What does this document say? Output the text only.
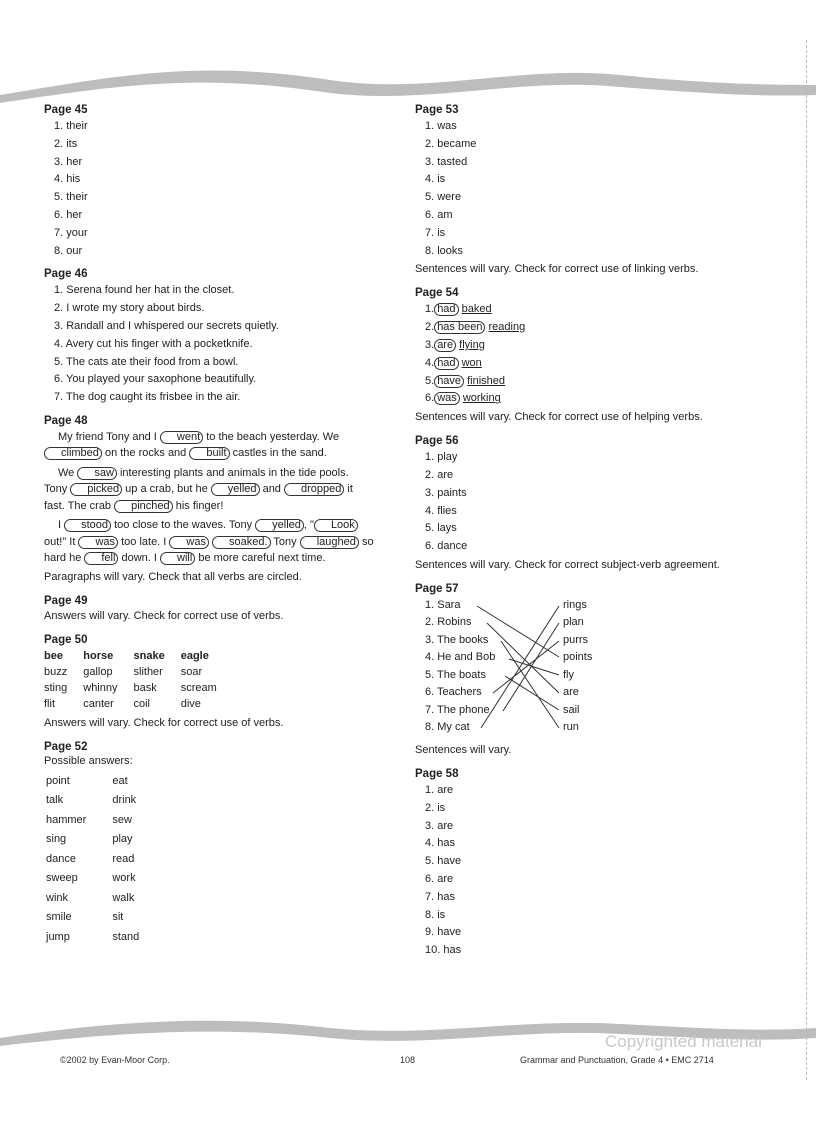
Page 45
1. their
2. its
3. her
4. his
5. their
6. her
7. your
8. our
Page 46
1. Serena found her hat in the closet.
2. I wrote my story about birds.
3. Randall and I whispered our secrets quietly.
4. Avery cut his finger with a pocketknife.
5. The cats ate their food from a bowl.
6. You played your saxophone beautifully.
7. The dog caught its frisbee in the air.
Page 48

My friend Tony and I went to the beach yesterday. We climbed on the rocks and built castles in the sand.

We saw interesting plants and animals in the tide pools. Tony picked up a crab, but he yelled and dropped it fast. The crab pinched his finger!

I stood too close to the waves. Tony yelled , " Look out!" It was too late. I was soaked. Tony laughed so hard he fell down. I will be more careful next time.

Paragraphs will vary. Check that all verbs are circled.
Page 49
Answers will vary. Check for correct use of verbs.
Page 50
bee	horse	snake	eagle
buzz	gallop	slither	soar
sting	whinny	bask	scream
flit	canter	coil	dive
Answers will vary. Check for correct use of verbs.
Page 52
Possible answers:
point	eat
talk	drink
hammer	sew
sing	play
dance	read
sweep	work
wink	walk
smile	sit
jump	stand
Page 53
1. was
2. became
3. tasted
4. is
5. were
6. am
7. is
8. looks
Sentences will vary. Check for correct use of linking verbs.
Page 54
1. had baked
2. has been reading
3. are flying
4. had won
5. have finished
6. was working
Sentences will vary. Check for correct use of helping verbs.
Page 56
1. play
2. are
3. paints
4. flies
5. lays
6. dance
Sentences will vary. Check for correct subject-verb agreement.
Page 57
1. Sara
2. Robins
3. The books
4. He and Bob
5. The boats
6. Teachers
7. The phone
8. My cat
rings
plan
purrs
points
fly
are
sail
run
Sentences will vary.
Page 58
1. are
2. is
3. are
4. has
5. have
6. are
7. has
8. is
9. have
10. has
Copyrighted material
©2002 by Evan-Moor Corp.	108	Grammar and Punctuation, Grade 4 • EMC 2714
